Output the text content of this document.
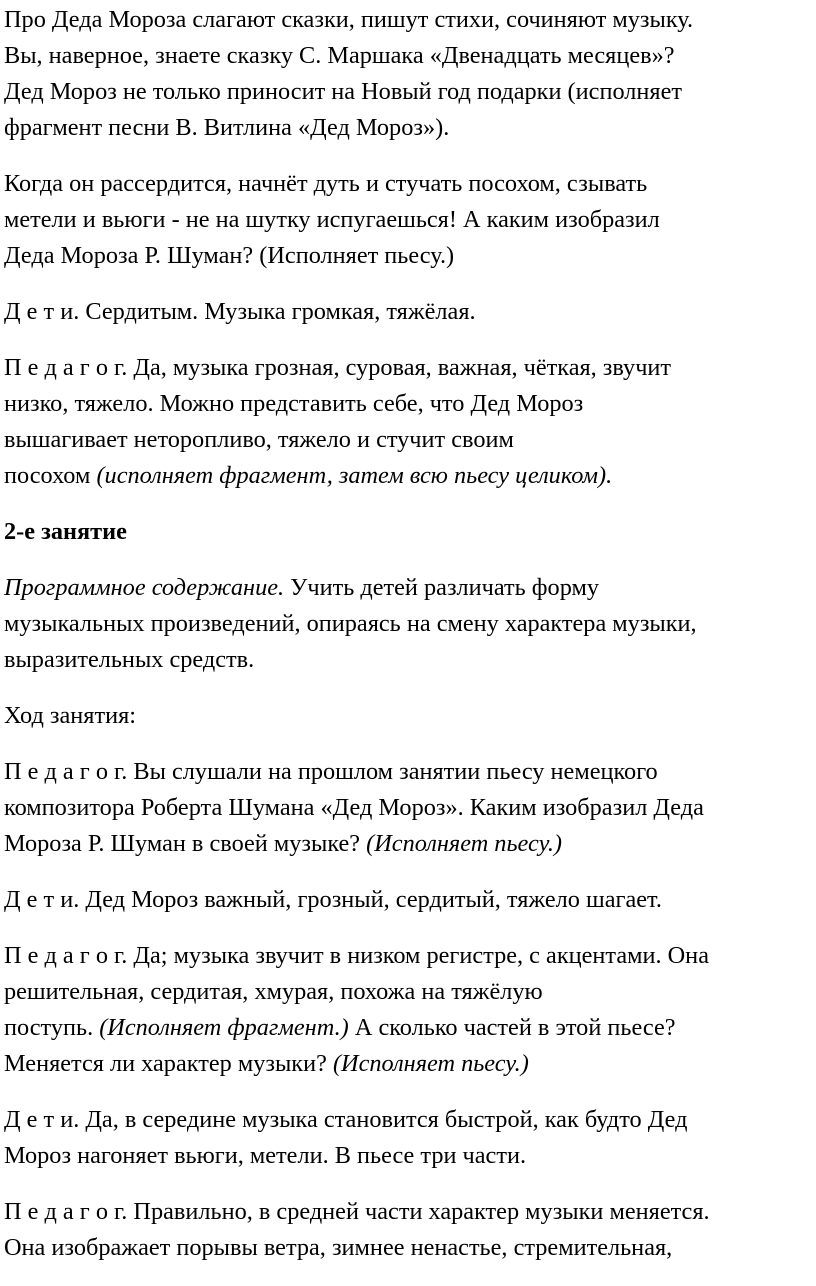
Про Деда Мороза слагают сказки, пишут стихи, сочиняют музыку.
Вы, наверное, знаете сказку С. Маршака «Двенадцать месяцев»?
Дед Мороз не только приносит на Новый год подарки (исполняет
фрагмент песни В. Витлина «Дед Мороз»).

Когда он рассердится, начнёт дуть и стучать посохом, сзывать
метели и вьюги - не на шутку испугаешься! А каким изобразил
Деда Мороза Р. Шуман? (Исполняет пьесу.)

Д е т и. Сердитым. Музыка громкая, тяжёлая.

П е д а г о г. Да, музыка грозная, суровая, важная, чёткая, звучит
низко, тяжело. Можно представить себе, что Дед Мороз
вышагивает неторопливо, тяжело и стучит своим
посохом (исполняет фрагмент, затем всю пьесу целиком).

2-е занятие

Программное содержание. Учить детей различать форму
музыкальных произведений, опираясь на смену характера музыки,
выразительных средств.

Ход занятия:

П е д а г о г. Вы слушали на прошлом занятии пьесу немецкого
композитора Роберта Шумана «Дед Мороз». Каким изобразил Деда
Мороза Р. Шуман в своей музыке? (Исполняет пьесу.)

Д е т и. Дед Мороз важный, грозный, сердитый, тяжело шагает.

П е д а г о г. Да; музыка звучит в низком регистре, с акцентами. Она
решительная, сердитая, хмурая, похожа на тяжёлую
поступь. (Исполняет фрагмент.) А сколько частей в этой пьесе?
Меняется ли характер музыки? (Исполняет пьесу.)

Д е т и. Да, в середине музыка становится быстрой, как будто Дед
Мороз нагоняет вьюги, метели. В пьесе три части.

П е д а г о г. Правильно, в средней части характер музыки меняется.
Она изображает порывы ветра, зимнее ненастье, стремительная,
